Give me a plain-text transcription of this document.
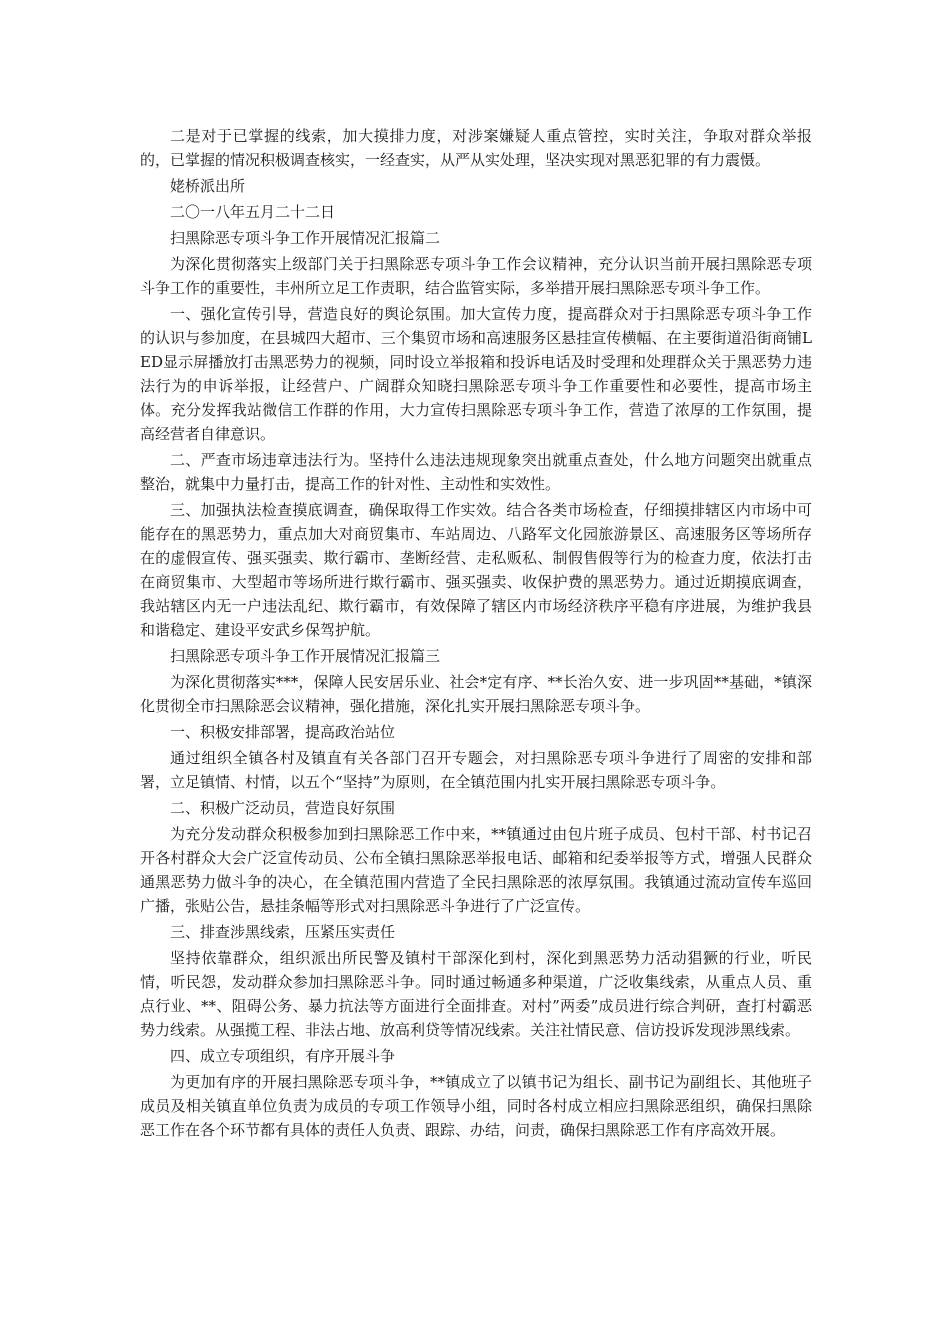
二是对于已掌握的线索，加大摸排力度，对涉案嫌疑人重点管控，实时关注，争取对群众举报的，已掌握的情况积极调查核实，一经查实，从严从实处理，坚决实现对黑恶犯罪的有力震慑。

姥桥派出所

二〇一八年五月二十二日

扫黑除恶专项斗争工作开展情况汇报篇二

为深化贯彻落实上级部门关于扫黑除恶专项斗争工作会议精神，充分认识当前开展扫黑除恶专项斗争工作的重要性，丰州所立足工作责职，结合监管实际，多举措开展扫黑除恶专项斗争工作。

一、强化宣传引导，营造良好的舆论氛围。加大宣传力度，提高群众对于扫黑除恶专项斗争工作的认识与参加度，在县城四大超市、三个集贸市场和高速服务区悬挂宣传横幅、在主要街道沿街商铺LED显示屏播放打击黑恶势力的视频，同时设立举报箱和投诉电话及时受理和处理群众关于黑恶势力违法行为的申诉举报，让经营户、广阔群众知晓扫黑除恶专项斗争工作重要性和必要性，提高市场主体。充分发挥我站微信工作群的作用，大力宣传扫黑除恶专项斗争工作，营造了浓厚的工作氛围，提高经营者自律意识。

二、严查市场违章违法行为。坚持什么违法违规现象突出就重点查处，什么地方问题突出就重点整治，就集中力量打击，提高工作的针对性、主动性和实效性。

三、加强执法检查摸底调查，确保取得工作实效。结合各类市场检查，仔细摸排辖区内市场中可能存在的黑恶势力，重点加大对商贸集市、车站周边、八路军文化园旅游景区、高速服务区等场所存在的虚假宣传、强买强卖、欺行霸市、垄断经营、走私贩私、制假售假等行为的检查力度，依法打击在商贸集市、大型超市等场所进行欺行霸市、强买强卖、收保护费的黑恶势力。通过近期摸底调查，我站辖区内无一户违法乱纪、欺行霸市，有效保障了辖区内市场经济秩序平稳有序进展，为维护我县和谐稳定、建设平安武乡保驾护航。

扫黑除恶专项斗争工作开展情况汇报篇三

为深化贯彻落实***，保障人民安居乐业、社会*定有序、**长治久安、进一步巩固**基础，*镇深化贯彻全市扫黑除恶会议精神，强化措施，深化扎实开展扫黑除恶专项斗争。

一、积极安排部署，提高政治站位

通过组织全镇各村及镇直有关各部门召开专题会，对扫黑除恶专项斗争进行了周密的安排和部署，立足镇情、村情，以五个“坚持”为原则，在全镇范围内扎实开展扫黑除恶专项斗争。

二、积极广泛动员，营造良好氛围

为充分发动群众积极参加到扫黑除恶工作中来，**镇通过由包片班子成员、包村干部、村书记召开各村群众大会广泛宣传动员、公布全镇扫黑除恶举报电话、邮箱和纪委举报等方式，增强人民群众通黑恶势力做斗争的决心，在全镇范围内营造了全民扫黑除恶的浓厚氛围。我镇通过流动宣传车巡回广播，张贴公告，悬挂条幅等形式对扫黑除恶斗争进行了广泛宣传。

三、排查涉黑线索，压紧压实责任

坚持依靠群众，组织派出所民警及镇村干部深化到村，深化到黑恶势力活动猖獗的行业，听民情，听民怨，发动群众参加扫黑除恶斗争。同时通过畅通多种渠道，广泛收集线索，从重点人员、重点行业、**、阻碍公务、暴力抗法等方面进行全面排查。对村”两委”成员进行综合判研，查打村霸恶势力线索。从强揽工程、非法占地、放高利贷等情况线索。关注社情民意、信访投诉发现涉黑线索。

四、成立专项组织，有序开展斗争

为更加有序的开展扫黑除恶专项斗争，**镇成立了以镇书记为组长、副书记为副组长、其他班子成员及相关镇直单位负责为成员的专项工作领导小组，同时各村成立相应扫黑除恶组织，确保扫黑除恶工作在各个环节都有具体的责任人负责、跟踪、办结，问责，确保扫黑除恶工作有序高效开展。
